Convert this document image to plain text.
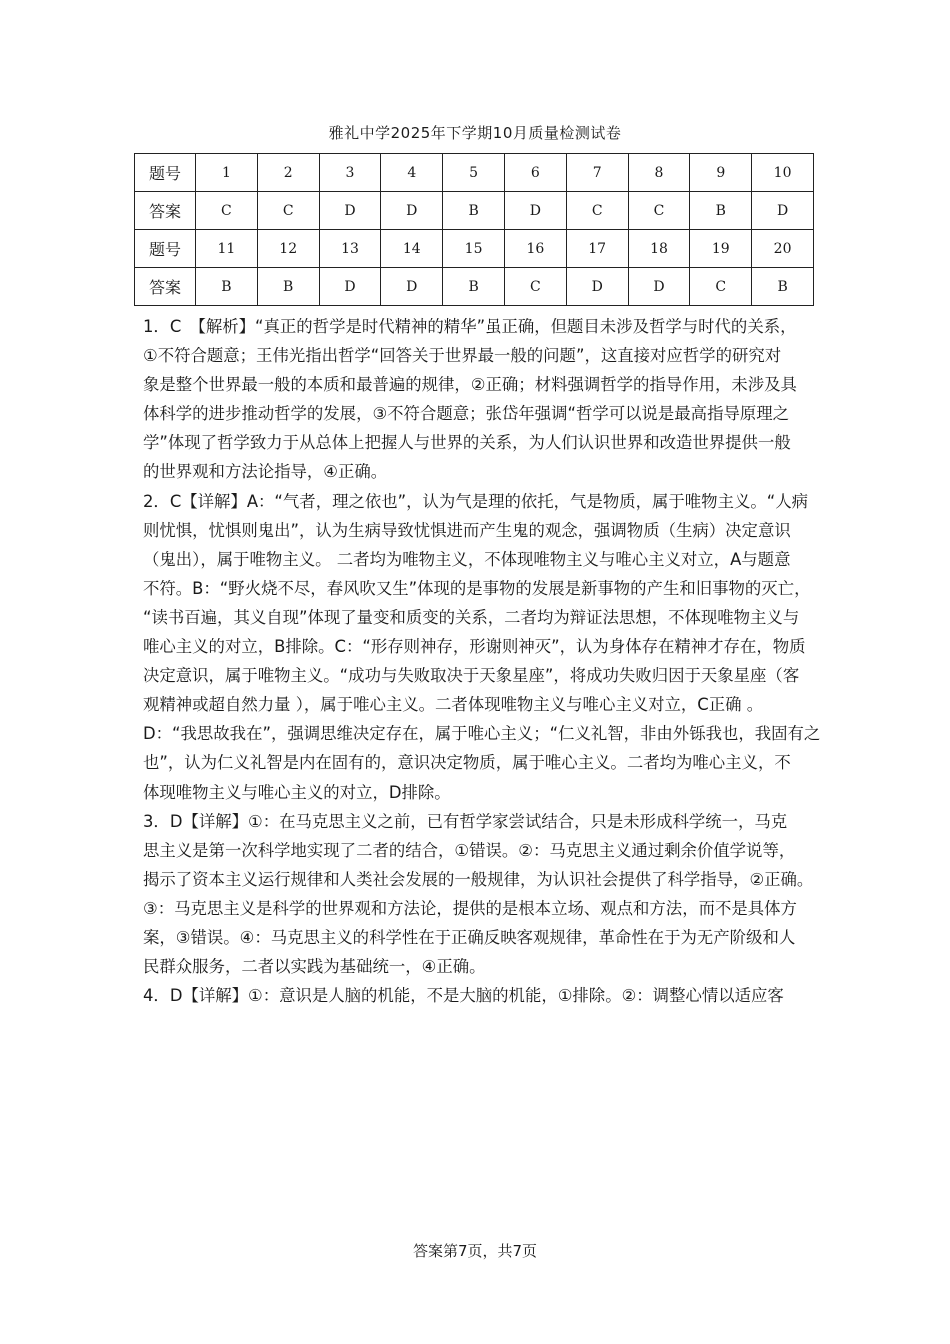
雅礼中学2025年下学期10月质量检测试卷
题号	1	2	3	4	5	6	7	8	9	10
答案	C	C	D	D	B	D	C	C	B	D
题号	11	12	13	14	15	16	17	18	19	20
答案	B	B	D	D	B	C	D	D	C	B
1．C　【解析】“真正的哲学是时代精神的精华”虽正确，但题目未涉及哲学与时代的关系，
①不符合题意；王伟光指出哲学“回答关于世界最一般的问题”，这直接对应哲学的研究对
象是整个世界最一般的本质和最普遍的规律，②正确；材料强调哲学的指导作用，未涉及具
体科学的进步推动哲学的发展，③不符合题意；张岱年强调“哲学可以说是最高指导原理之
学”体现了哲学致力于从总体上把握人与世界的关系，为人们认识世界和改造世界提供一般
的世界观和方法论指导，④正确。
2．C【详解】A：“气者，理之依也”，认为气是理的依托，气是物质，属于唯物主义。“人病
则忧惧，忧惧则鬼出”，认为生病导致忧惧进而产生鬼的观念，强调物质（生病）决定意识
（鬼出），属于唯物主义。 二者均为唯物主义，不体现唯物主义与唯心主义对立，A与题意
不符。B：“野火烧不尽，春风吹又生”体现的是事物的发展是新事物的产生和旧事物的灭亡，
“读书百遍，其义自现”体现了量变和质变的关系，二者均为辩证法思想，不体现唯物主义与
唯心主义的对立，B排除。C：“形存则神存，形谢则神灭”，认为身体存在精神才存在，物质
决定意识，属于唯物主义。“成功与失败取决于天象星座”，将成功失败归因于天象星座（客
观精神或超自然力量 ），属于唯心主义。二者体现唯物主义与唯心主义对立，C正确 。
D：“我思故我在”，强调思维决定存在，属于唯心主义；“仁义礼智，非由外铄我也，我固有之
也”，认为仁义礼智是内在固有的，意识决定物质，属于唯心主义。二者均为唯心主义，不
体现唯物主义与唯心主义的对立，D排除。
3．D【详解】①：在马克思主义之前，已有哲学家尝试结合，只是未形成科学统一，马克
思主义是第一次科学地实现了二者的结合，①错误。②：马克思主义通过剩余价值学说等，
揭示了资本主义运行规律和人类社会发展的一般规律，为认识社会提供了科学指导，②正确。
③：马克思主义是科学的世界观和方法论，提供的是根本立场、观点和方法，而不是具体方
案，③错误。④：马克思主义的科学性在于正确反映客观规律，革命性在于为无产阶级和人
民群众服务，二者以实践为基础统一，④正确。
4．D【详解】①：意识是人脑的机能，不是大脑的机能，①排除。②：调整心情以适应客
答案第7页，共7页
